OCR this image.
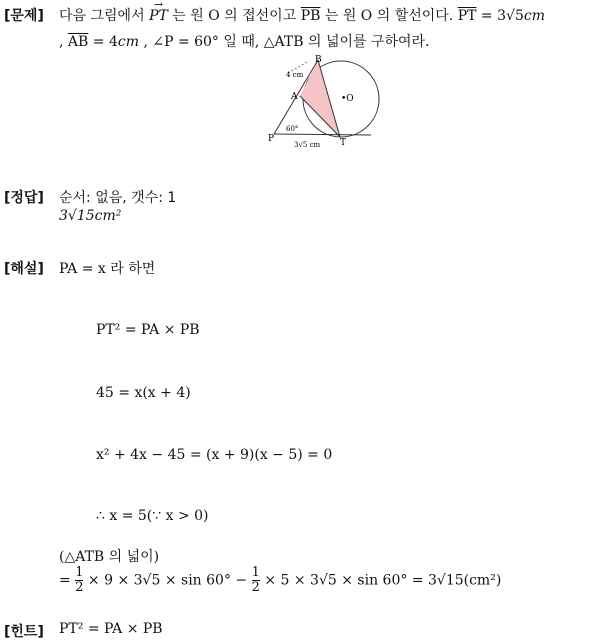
[문제] 다음 그림에서 → PT 는 원 O 의 접선이고 $\overline{PB}$ 는 원 O 의 할선이다. $\overline{PT} = 3√5cm$
, $\overline{AB} = 4cm$ , ∠P = 60° 일 때, △ATB 의 넓이를 구하여라.
B
A	•O
P	T
4 cm
60°
3√5 cm
[정답] 순서: 없음, 갯수: 1
3√15cm²
[해설] PA = x 라 하면
PT² = PA × PB
45 = x(x + 4)
x² + 4x − 45 = (x + 9)(x − 5) = 0
∴ x = 5(∵ x > 0)
(△ATB 의 넓이)
= $\frac{1}{2} \times 9 \times 3√5 \times \sin 60^\circ - \frac{1}{2} \times 5 \times 3√5 \times \sin 60^\circ = 3√15(cm^2)$
[힌트] PT² = PA × PB
